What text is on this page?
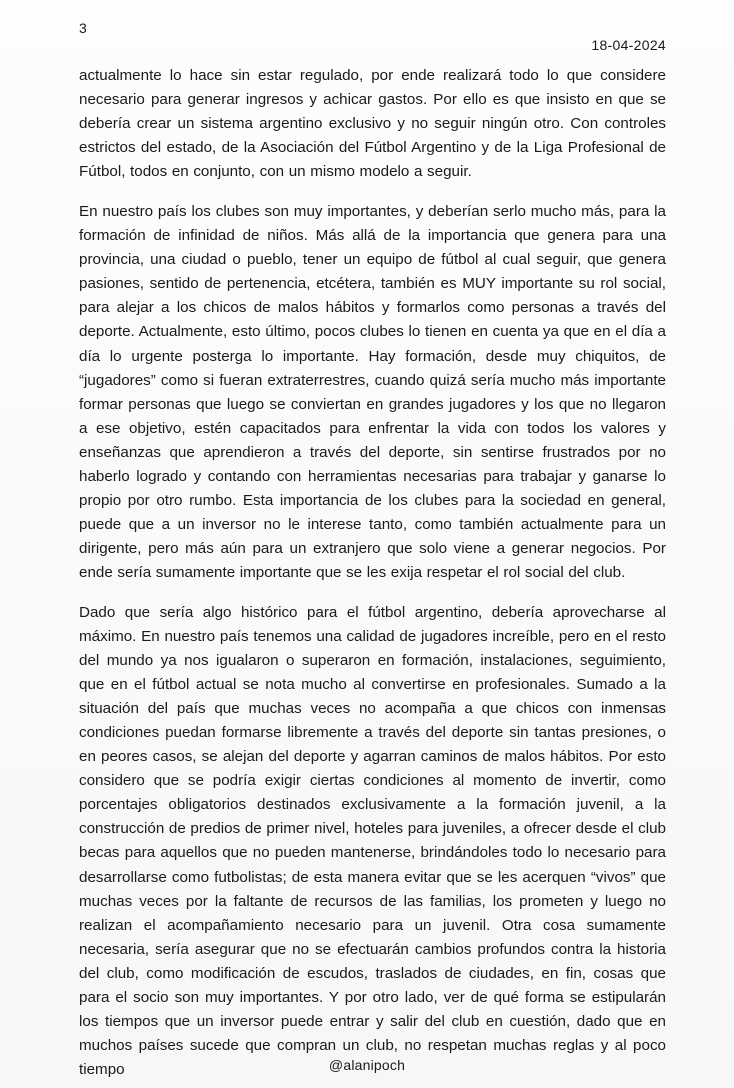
3
18-04-2024

actualmente lo hace sin estar regulado, por ende realizará todo lo que considere necesario para generar ingresos y achicar gastos. Por ello es que insisto en que se debería crear un sistema argentino exclusivo y no seguir ningún otro. Con controles estrictos del estado, de la Asociación del Fútbol Argentino y de la Liga Profesional de Fútbol, todos en conjunto, con un mismo modelo a seguir.

En nuestro país los clubes son muy importantes, y deberían serlo mucho más, para la formación de infinidad de niños. Más allá de la importancia que genera para una provincia, una ciudad o pueblo, tener un equipo de fútbol al cual seguir, que genera pasiones, sentido de pertenencia, etcétera, también es MUY importante su rol social, para alejar a los chicos de malos hábitos y formarlos como personas a través del deporte. Actualmente, esto último, pocos clubes lo tienen en cuenta ya que en el día a día lo urgente posterga lo importante. Hay formación, desde muy chiquitos, de “jugadores” como si fueran extraterrestres, cuando quizá sería mucho más importante formar personas que luego se conviertan en grandes jugadores y los que no llegaron a ese objetivo, estén capacitados para enfrentar la vida con todos los valores y enseñanzas que aprendieron a través del deporte, sin sentirse frustrados por no haberlo logrado y contando con herramientas necesarias para trabajar y ganarse lo propio por otro rumbo. Esta importancia de los clubes para la sociedad en general, puede que a un inversor no le interese tanto, como también actualmente para un dirigente, pero más aún para un extranjero que solo viene a generar negocios. Por ende sería sumamente importante que se les exija respetar el rol social del club.

Dado que sería algo histórico para el fútbol argentino, debería aprovecharse al máximo. En nuestro país tenemos una calidad de jugadores increíble, pero en el resto del mundo ya nos igualaron o superaron en formación, instalaciones, seguimiento, que en el fútbol actual se nota mucho al convertirse en profesionales. Sumado a la situación del país que muchas veces no acompaña a que chicos con inmensas condiciones puedan formarse libremente a través del deporte sin tantas presiones, o en peores casos, se alejan del deporte y agarran caminos de malos hábitos. Por esto considero que se podría exigir ciertas condiciones al momento de invertir, como porcentajes obligatorios destinados exclusivamente a la formación juvenil, a la construcción de predios de primer nivel, hoteles para juveniles, a ofrecer desde el club becas para aquellos que no pueden mantenerse, brindándoles todo lo necesario para desarrollarse como futbolistas; de esta manera evitar que se les acerquen “vivos” que muchas veces por la faltante de recursos de las familias, los prometen y luego no realizan el acompañamiento necesario para un juvenil. Otra cosa sumamente necesaria, sería asegurar que no se efectuarán cambios profundos contra la historia del club, como modificación de escudos, traslados de ciudades, en fin, cosas que para el socio son muy importantes. Y por otro lado, ver de qué forma se estipularán los tiempos que un inversor puede entrar y salir del club en cuestión, dado que en muchos países sucede que compran un club, no respetan muchas reglas y al poco tiempo	@alanipoch
